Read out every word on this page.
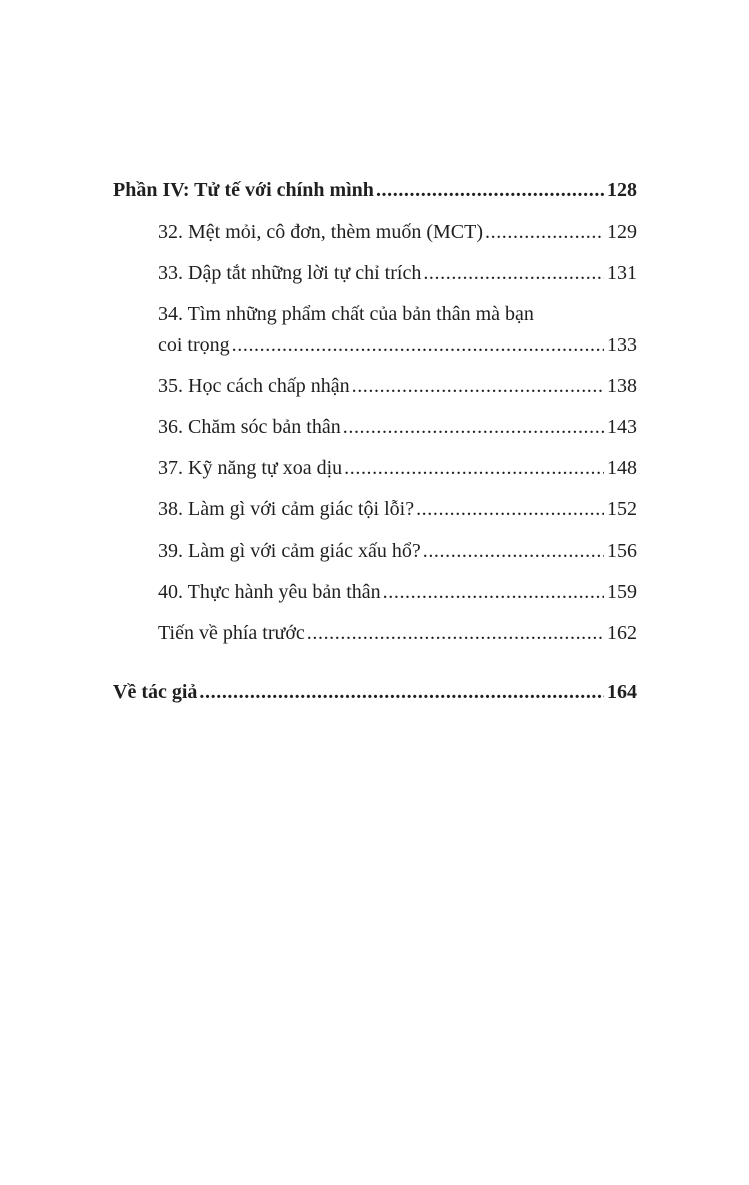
Phần IV: Tử tế với chính mình .....	128
32. Mệt mỏi, cô đơn, thèm muốn (MCT) .....	129
33. Dập tắt những lời tự chỉ trích .....	131
34. Tìm những phẩm chất của bản thân mà bạn
coi trọng .....	133
35. Học cách chấp nhận .....	138
36. Chăm sóc bản thân .....	143
37. Kỹ năng tự xoa dịu .....	148
38. Làm gì với cảm giác tội lỗi? .....	152
39. Làm gì với cảm giác xấu hổ? .....	156
40. Thực hành yêu bản thân .....	159
Tiến về phía trước .....	162
Về tác giả .....	164
